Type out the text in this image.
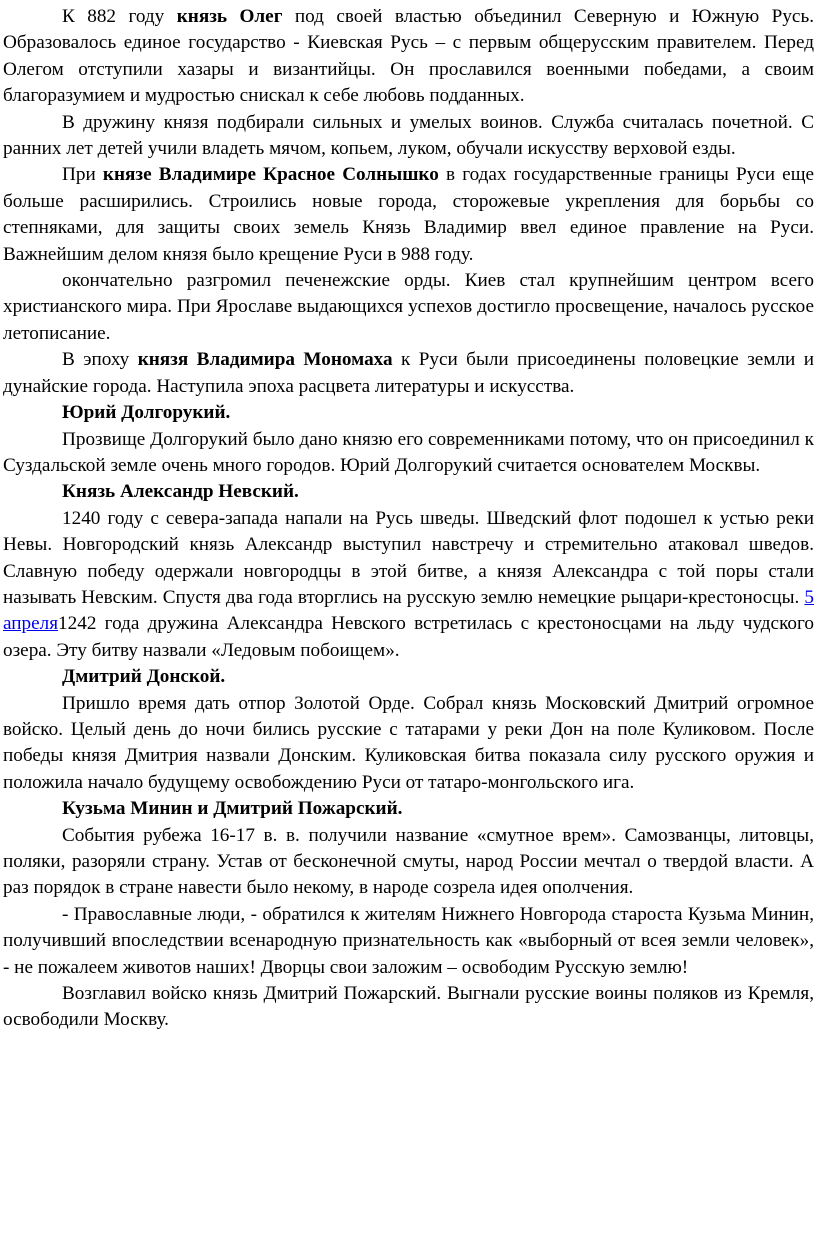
К 882 году князь Олег под своей властью объединил Северную и Южную Русь. Образовалось единое государство - Киевская Русь – с первым общерусским правителем. Перед Олегом отступили хазары и византийцы. Он прославился военными победами, а своим благоразумием и мудростью снискал к себе любовь подданных.

В дружину князя подбирали сильных и умелых воинов. Служба считалась почетной. С ранних лет детей учили владеть мячом, копьем, луком, обучали искусству верховой езды.

При князе Владимире Красное Солнышко в годах государственные границы Руси еще больше расширились. Строились новые города, сторожевые укрепления для борьбы со степняками, для защиты своих земель Князь Владимир ввел единое правление на Руси. Важнейшим делом князя было крещение Руси в 988 году.

окончательно разгромил печенежские орды. Киев стал крупнейшим центром всего христианского мира. При Ярославе выдающихся успехов достигло просвещение, началось русское летописание.

В эпоху князя Владимира Мономаха к Руси были присоединены половецкие земли и дунайские города. Наступила эпоха расцвета литературы и искусства.

Юрий Долгорукий.

Прозвище Долгорукий было дано князю его современниками потому, что он присоединил к Суздальской земле очень много городов. Юрий Долгорукий считается основателем Москвы.

Князь Александр Невский.

1240 году с севера-запада напали на Русь шведы. Шведский флот подошел к устью реки Невы. Новгородский князь Александр выступил навстречу и стремительно атаковал шведов. Славную победу одержали новгородцы в этой битве, а князя Александра с той поры стали называть Невским. Спустя два года вторглись на русскую землю немецкие рыцари-крестоносцы. 5 апреля1242 года дружина Александра Невского встретилась с крестоносцами на льду чудского озера. Эту битву назвали «Ледовым побоищем».

Дмитрий Донской.

Пришло время дать отпор Золотой Орде. Собрал князь Московский Дмитрий огромное войско. Целый день до ночи бились русские с татарами у реки Дон на поле Куликовом. После победы князя Дмитрия назвали Донским. Куликовская битва показала силу русского оружия и положила начало будущему освобождению Руси от татаро-монгольского ига.

Кузьма Минин и Дмитрий Пожарский.

События рубежа 16-17 в. в. получили название «смутное врем». Самозванцы, литовцы, поляки, разоряли страну. Устав от бесконечной смуты, народ России мечтал о твердой власти. А раз порядок в стране навести было некому, в народе созрела идея ополчения.

- Православные люди, - обратился к жителям Нижнего Новгорода староста Кузьма Минин, получивший впоследствии всенародную признательность как «выборный от всея земли человек», - не пожалеем животов наших! Дворцы свои заложим – освободим Русскую землю!

Возглавил войско князь Дмитрий Пожарский. Выгнали русские воины поляков из Кремля, освободили Москву.
